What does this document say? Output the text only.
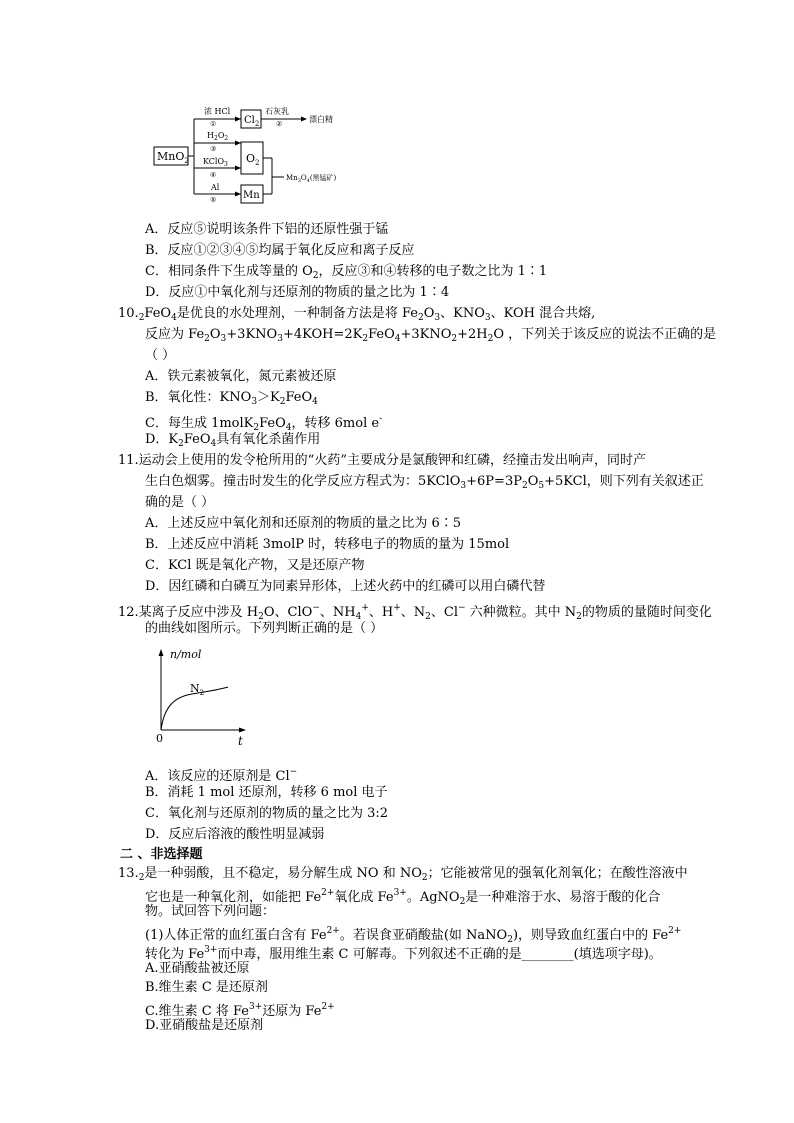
MnO$_2$
浓 HCl
①	$Cl_2$
石灰乳
②	漂白精
$H_2O_2$
③
$O_2$
KClO$_3$
④
Al
⑤	Mn
$Mn_3O_4$(黑锰矿)
A．反应⑤说明该条件下铝的还原性强于锰
B．反应①②③④⑤均属于氧化反应和离子反应
C．相同条件下生成等量的 $O_2$，反应③和④转移的电子数之比为 1∶1
D．反应①中氧化剂与还原剂的物质的量之比为 1∶4
$10._2FeO_4$是优良的水处理剂，一种制备方法是将 $Fe_2O_3$、$KNO_3$、KOH 混合共熔,
反应为 $Fe_2O_3+3KNO_3+4KOH=2K_2FeO_4+3KNO_2+2H_2O$ ，下列关于该反应的说法不正确的是
（ ）
A．铁元素被氧化，氮元素被还原
B．氧化性：$KNO_3>K_2FeO_4$
C．每生成 1molK$_2$FeO$_4$，转移 6mol e-
D．$K_2FeO_4$具有氧化杀菌作用
11.运动会上使用的发令枪所用的“火药”主要成分是氯酸钾和红磷，经撞击发出响声，同时产
生白色烟雾。撞击时发生的化学反应方程式为：$5KClO_3+6P=3P_2O_5+5KCl$，则下列有关叙述正
确的是（ ）
A．上述反应中氧化剂和还原剂的物质的量之比为 6∶5
B．上述反应中消耗 3molP 时，转移电子的物质的量为 15mol
C．KCl 既是氧化产物，又是还原产物
D．因红磷和白磷互为同素异形体，上述火药中的红磷可以用白磷代替
12.某离子反应中涉及 $H_2O$、ClO−、$NH_4^+$、H+、$N_2$、Cl− 六种微粒。其中 $N_2$的物质的量随时间变化
的曲线如图所示。下列判断正确的是（ ）
n/mol
t
0
$N_2$
A．该反应的还原剂是 Cl−
B．消耗 1 mol 还原剂，转移 6 mol 电子
C．氧化剂与还原剂的物质的量之比为 3:2
D．反应后溶液的酸性明显减弱
二 、非选择题
$13._2$是一种弱酸，且不稳定，易分解生成 NO 和 $NO_2$；它能被常见的强氧化剂氧化；在酸性溶液中
它也是一种氧化剂，如能把 $Fe^{2+}$氧化成 $Fe^{3+}$。AgNO$_2$是一种难溶于水、易溶于酸的化合
物。试回答下列问题：
(1)人体正常的血红蛋白含有 $Fe^{2+}$。若误食亚硝酸盐(如 NaNO$_2$)，则导致血红蛋白中的 $Fe^{2+}$
转化为 $Fe^{3+}$而中毒，服用维生素 C 可解毒。下列叙述不正确的是________(填选项字母)。
A.亚硝酸盐被还原
B.维生素 C 是还原剂
C.维生素 C 将 $Fe^{3+}$还原为 $Fe^{2+}$
D.亚硝酸盐是还原剂
